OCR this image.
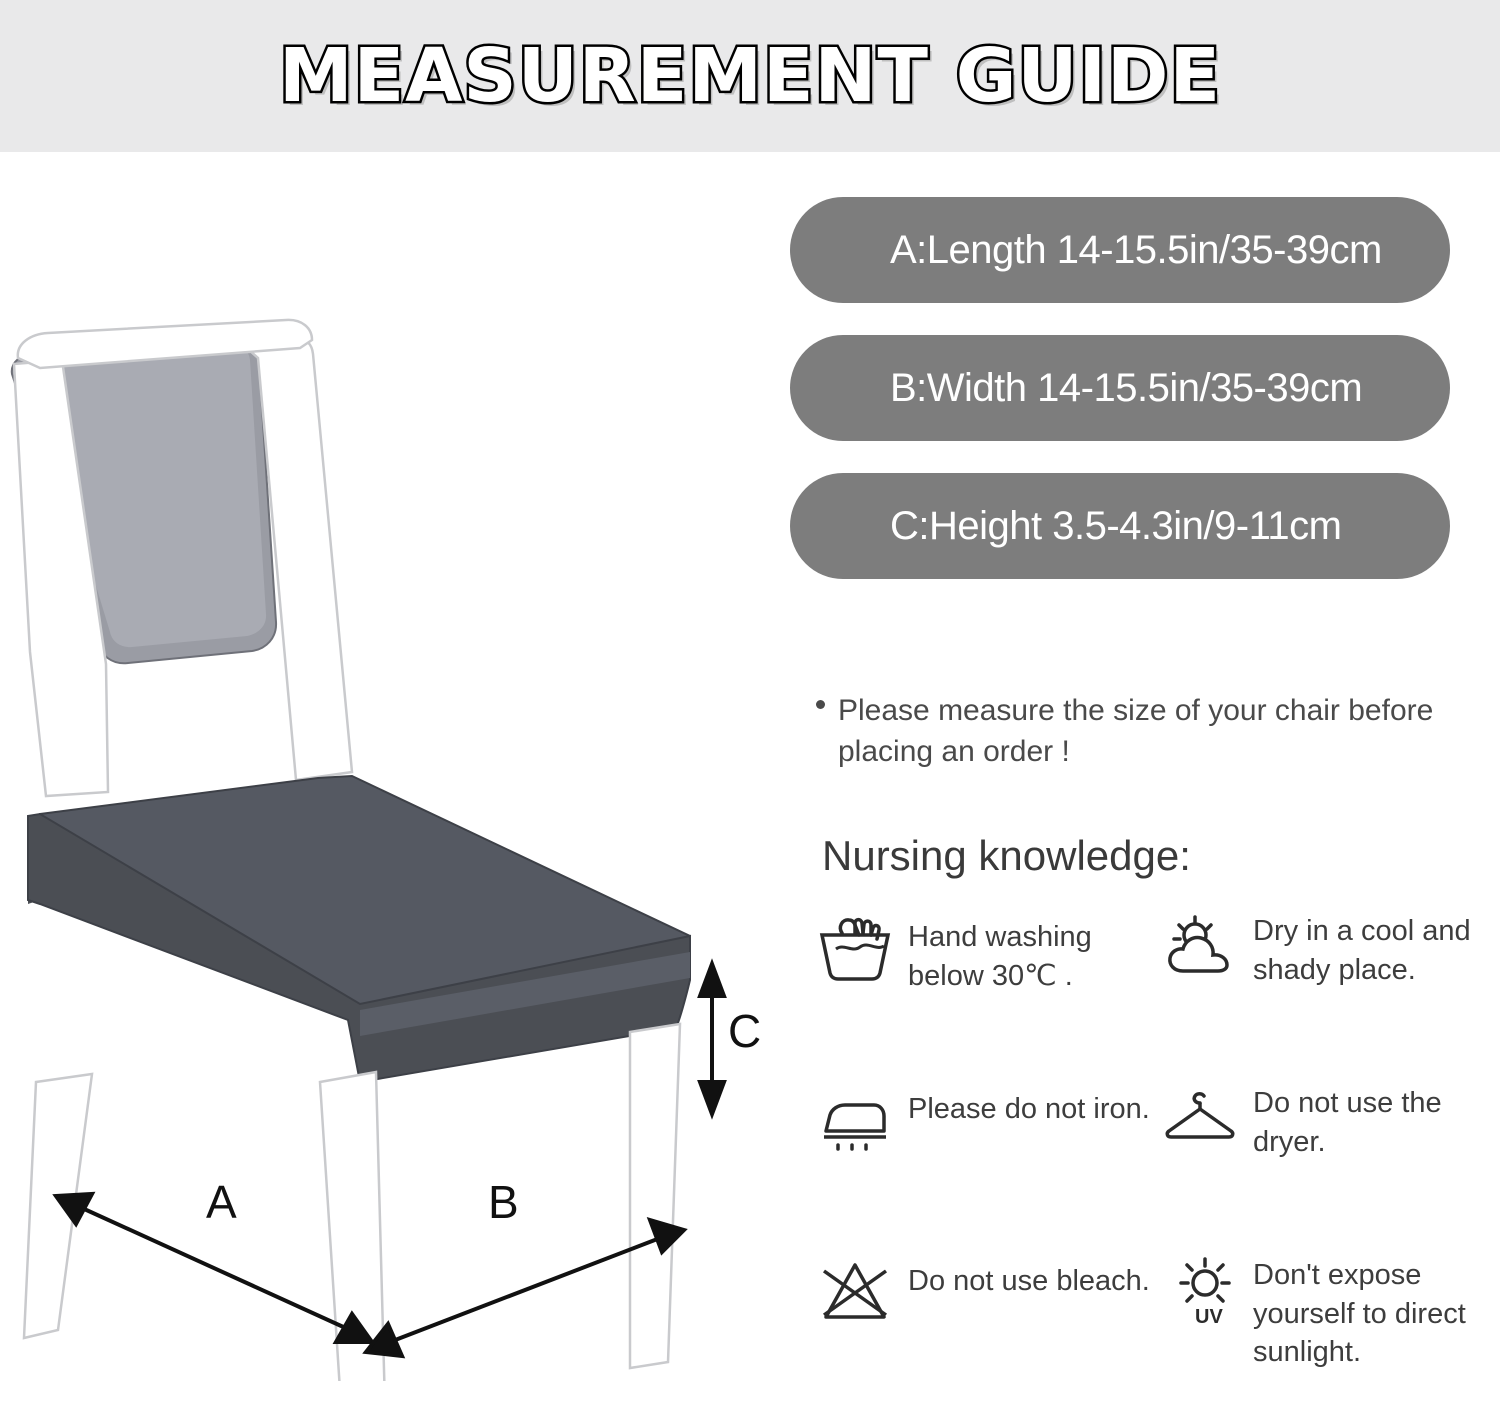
MEASUREMENT GUIDE
A	B
C
A:Length 14-15.5in/35-39cm
B:Width 14-15.5in/35-39cm
C:Height 3.5-4.3in/9-11cm
Please measure the size of your chair before placing an order !
Nursing knowledge:
Hand washing below 30℃ .
Dry in a cool and shady place.
Please do not iron.	Do not use the dryer.
Do not use bleach.
UV
Don't expose yourself to direct sunlight.
